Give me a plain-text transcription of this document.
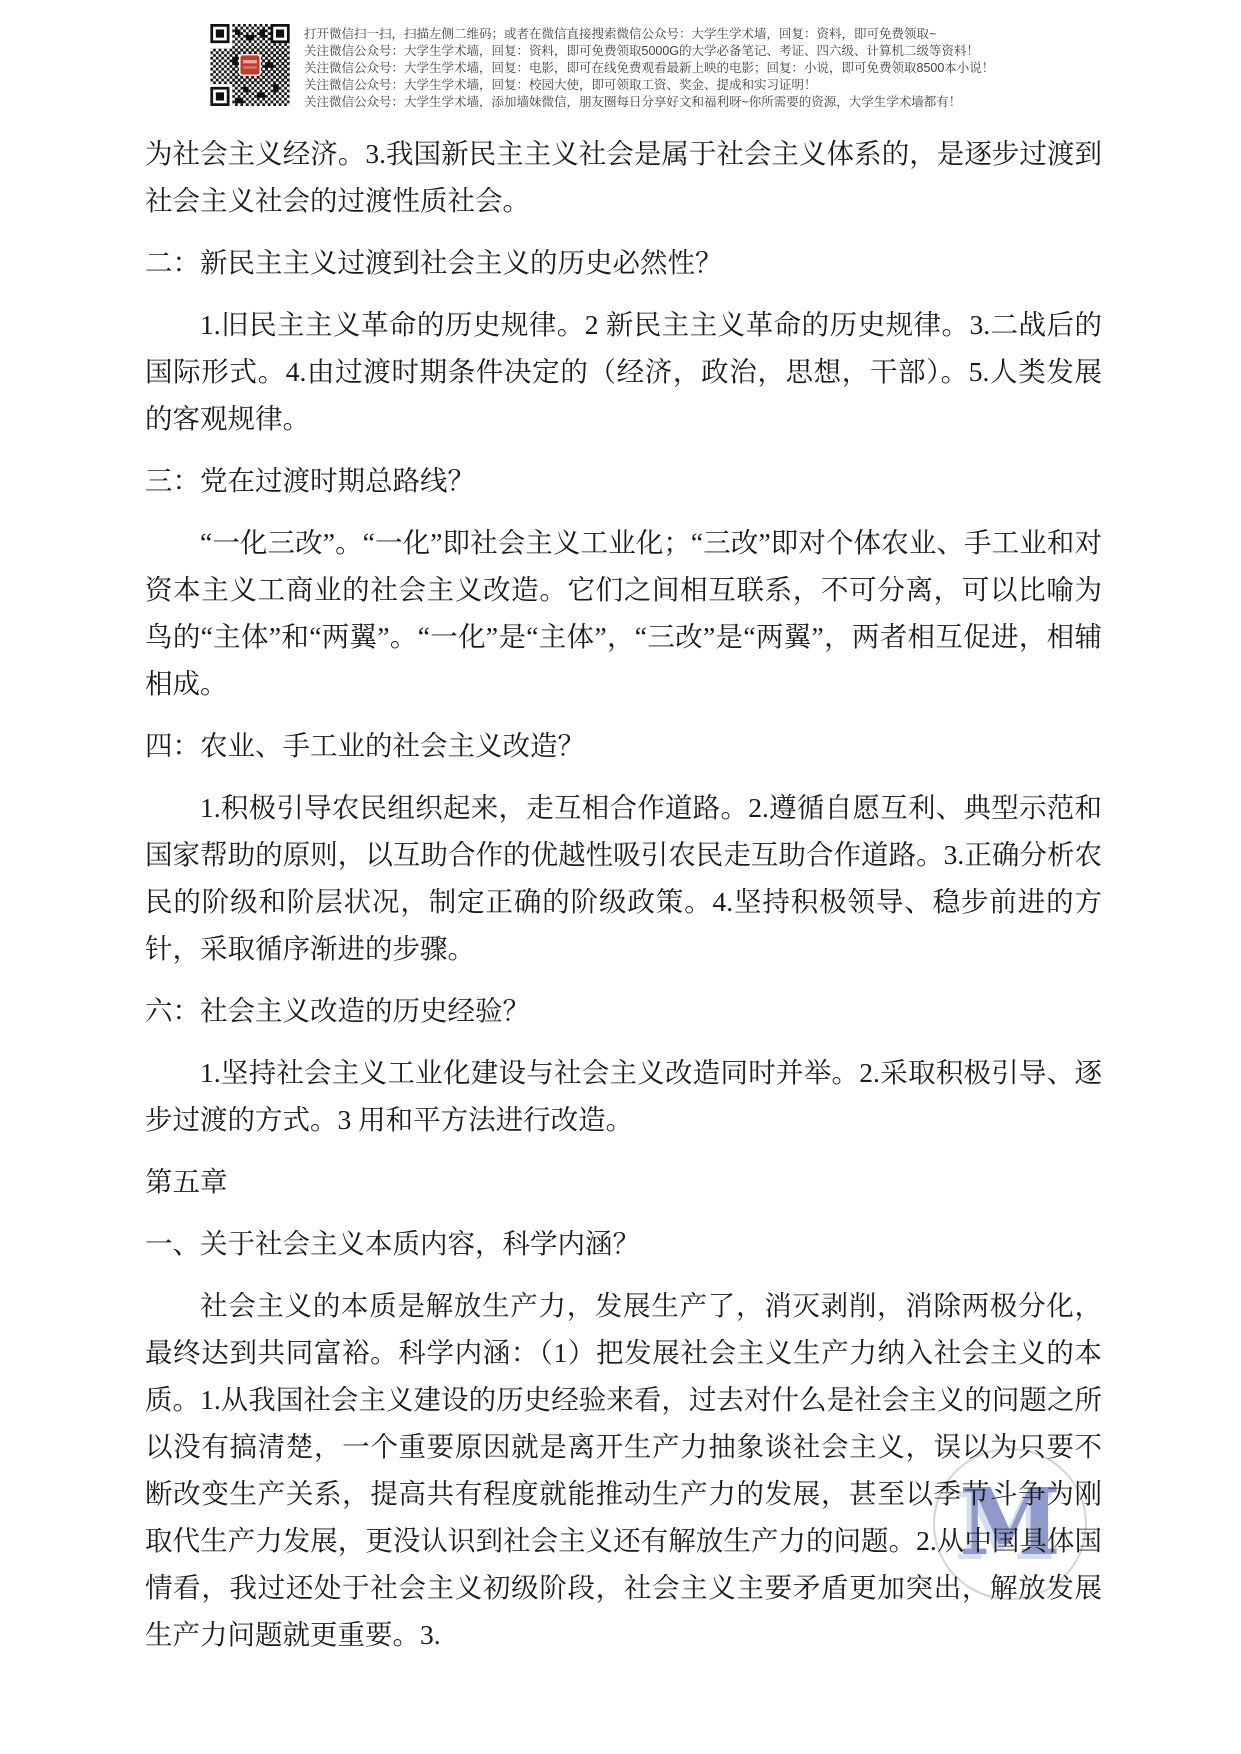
打开微信扫一扫，扫描左侧二维码；或者在微信直接搜索微信公众号：大学生学术墙，回复：资料，即可免费领取~
关注微信公众号：大学生学术墙，回复：资料，即可免费领取5000G的大学必备笔记、考证、四六级、计算机二级等资料！
关注微信公众号：大学生学术墙，回复：电影，即可在线免费观看最新上映的电影；回复：小说，即可免费领取8500本小说！
关注微信公众号：大学生学术墙，回复：校园大使，即可领取工资、奖金、提成和实习证明！
关注微信公众号：大学生学术墙，添加墙妹微信，朋友圈每日分享好文和福利呀~你所需要的资源，大学生学术墙都有！
M

为社会主义经济。3.我国新民主主义社会是属于社会主义体系的，是逐步过渡到社会主义社会的过渡性质社会。

二：新民主主义过渡到社会主义的历史必然性？

1.旧民主主义革命的历史规律。2 新民主主义革命的历史规律。3.二战后的国际形式。4.由过渡时期条件决定的（经济，政治，思想，干部）。5.人类发展的客观规律。

三：党在过渡时期总路线？

“一化三改”。“一化”即社会主义工业化；“三改”即对个体农业、手工业和对资本主义工商业的社会主义改造。它们之间相互联系，不可分离，可以比喻为鸟的“主体”和“两翼”。“一化”是“主体”，“三改”是“两翼”，两者相互促进，相辅相成。

四：农业、手工业的社会主义改造？

1.积极引导农民组织起来，走互相合作道路。2.遵循自愿互利、典型示范和国家帮助的原则，以互助合作的优越性吸引农民走互助合作道路。3.正确分析农民的阶级和阶层状况，制定正确的阶级政策。4.坚持积极领导、稳步前进的方针，采取循序渐进的步骤。

六：社会主义改造的历史经验？

1.坚持社会主义工业化建设与社会主义改造同时并举。2.采取积极引导、逐步过渡的方式。3 用和平方法进行改造。

第五章

一、关于社会主义本质内容，科学内涵？

社会主义的本质是解放生产力，发展生产了，消灭剥削，消除两极分化，最终达到共同富裕。科学内涵：（1）把发展社会主义生产力纳入社会主义的本质。1.从我国社会主义建设的历史经验来看，过去对什么是社会主义的问题之所以没有搞清楚，一个重要原因就是离开生产力抽象谈社会主义，误以为只要不断改变生产关系，提高共有程度就能推动生产力的发展，甚至以季节斗争为刚取代生产力发展，更没认识到社会主义还有解放生产力的问题。2.从中国具体国情看，我过还处于社会主义初级阶段，社会主义主要矛盾更加突出，解放发展生产力问题就更重要。3.
